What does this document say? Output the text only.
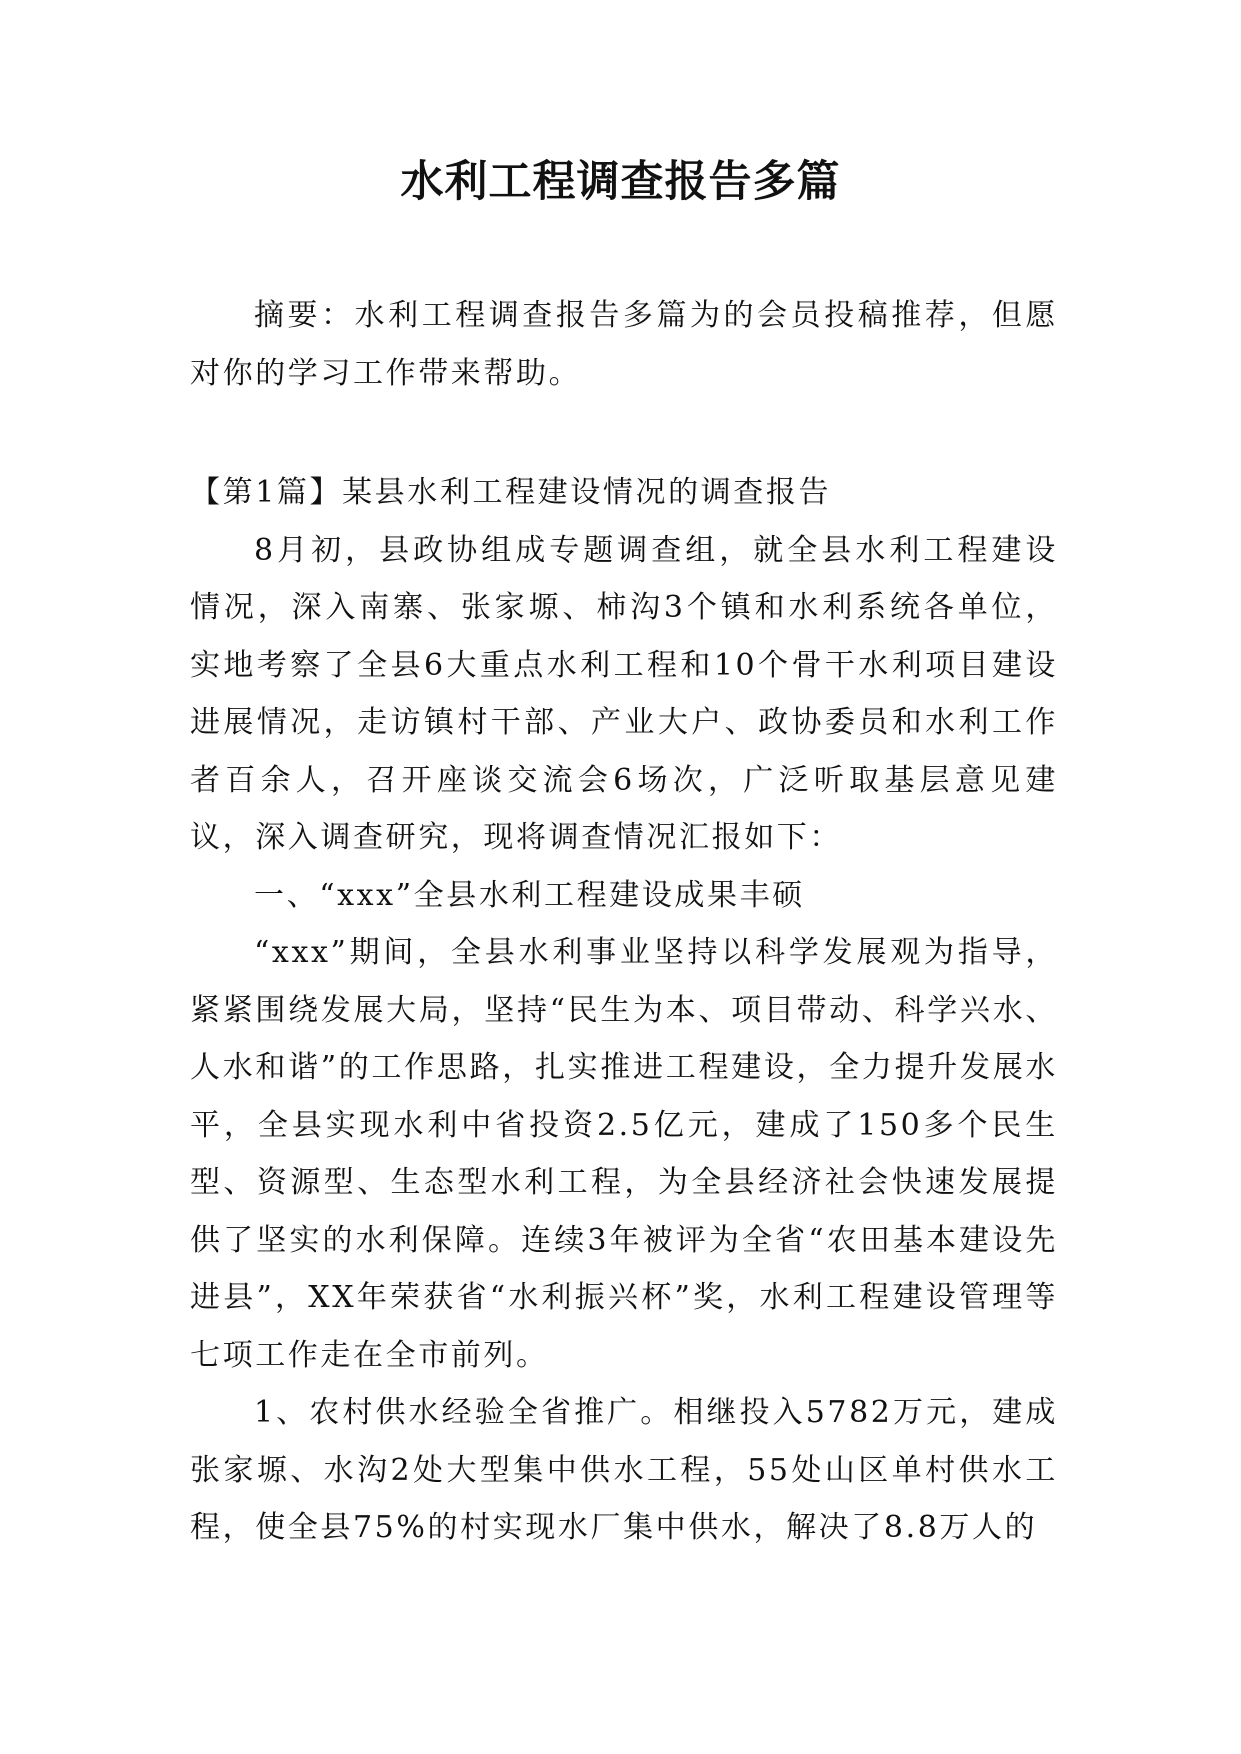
水利工程调查报告多篇

摘要：水利工程调查报告多篇为的会员投稿推荐，但愿对你的学习工作带来帮助。

【第1篇】某县水利工程建设情况的调查报告

8月初，县政协组成专题调查组，就全县水利工程建设情况，深入南寨、张家塬、柿沟3个镇和水利系统各单位，实地考察了全县6大重点水利工程和10个骨干水利项目建设进展情况，走访镇村干部、产业大户、政协委员和水利工作者百余人，召开座谈交流会6场次，广泛听取基层意见建议，深入调查研究，现将调查情况汇报如下：

一、“xxx”全县水利工程建设成果丰硕

“xxx”期间，全县水利事业坚持以科学发展观为指导，紧紧围绕发展大局，坚持“民生为本、项目带动、科学兴水、人水和谐”的工作思路，扎实推进工程建设，全力提升发展水平，全县实现水利中省投资2.5亿元，建成了150多个民生型、资源型、生态型水利工程，为全县经济社会快速发展提供了坚实的水利保障。连续3年被评为全省“农田基本建设先进县”，XX年荣获省“水利振兴杯”奖，水利工程建设管理等七项工作走在全市前列。

1、农村供水经验全省推广。相继投入5782万元，建成张家塬、水沟2处大型集中供水工程，55处山区单村供水工程，使全县75%的村实现水厂集中供水，解决了8.8万人的
